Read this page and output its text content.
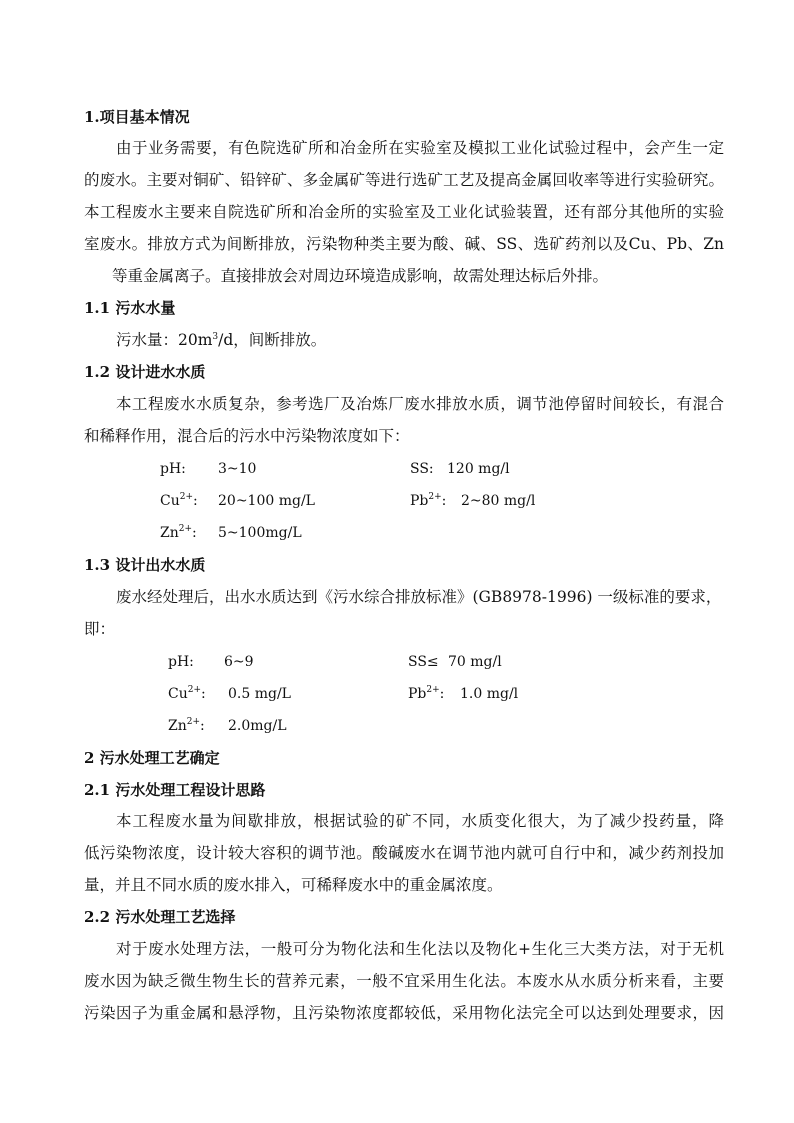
1.项目基本情况
由于业务需要，有色院选矿所和冶金所在实验室及模拟工业化试验过程中，会产生一定
的废水。主要对铜矿、铅锌矿、多金属矿等进行选矿工艺及提高金属回收率等进行实验研究。
本工程废水主要来自院选矿所和冶金所的实验室及工业化试验装置，还有部分其他所的实验
室废水。排放方式为间断排放，污染物种类主要为酸、碱、SS、选矿药剂以及Cu、Pb、Zn
等重金属离子。直接排放会对周边环境造成影响，故需处理达标后外排。
1.1 污水水量
污水量：$20m^3/d$，间断排放。
1.2 设计进水水质
本工程废水水质复杂，参考选厂及冶炼厂废水排放水质，调节池停留时间较长，有混合
和稀释作用，混合后的污水中污染物浓度如下：
pH: 3~10	SS: 120 mg/l
$Cu^{2+}$: 20~100 mg/L	$Pb^{2+}$: 2~80 mg/l
$Zn^{2+}$: 5~100mg/L
1.3 设计出水水质
废水经处理后，出水水质达到《污水综合排放标准》(GB8978-1996) 一级标准的要求，
即：
pH: 6~9	SS≤ 70 mg/l
$Cu^{2+}$: 0.5 mg/L	$Pb^{2+}$: 1.0 mg/l
$Zn^{2+}$: 2.0mg/L
2 污水处理工艺确定
2.1 污水处理工程设计思路
本工程废水量为间歇排放，根据试验的矿不同，水质变化很大，为了减少投药量，降
低污染物浓度，设计较大容积的调节池。酸碱废水在调节池内就可自行中和，减少药剂投加
量，并且不同水质的废水排入，可稀释废水中的重金属浓度。
2.2 污水处理工艺选择
对于废水处理方法，一般可分为物化法和生化法以及物化+生化三大类方法，对于无机
废水因为缺乏微生物生长的营养元素，一般不宜采用生化法。本废水从水质分析来看，主要
污染因子为重金属和悬浮物，且污染物浓度都较低，采用物化法完全可以达到处理要求，因
